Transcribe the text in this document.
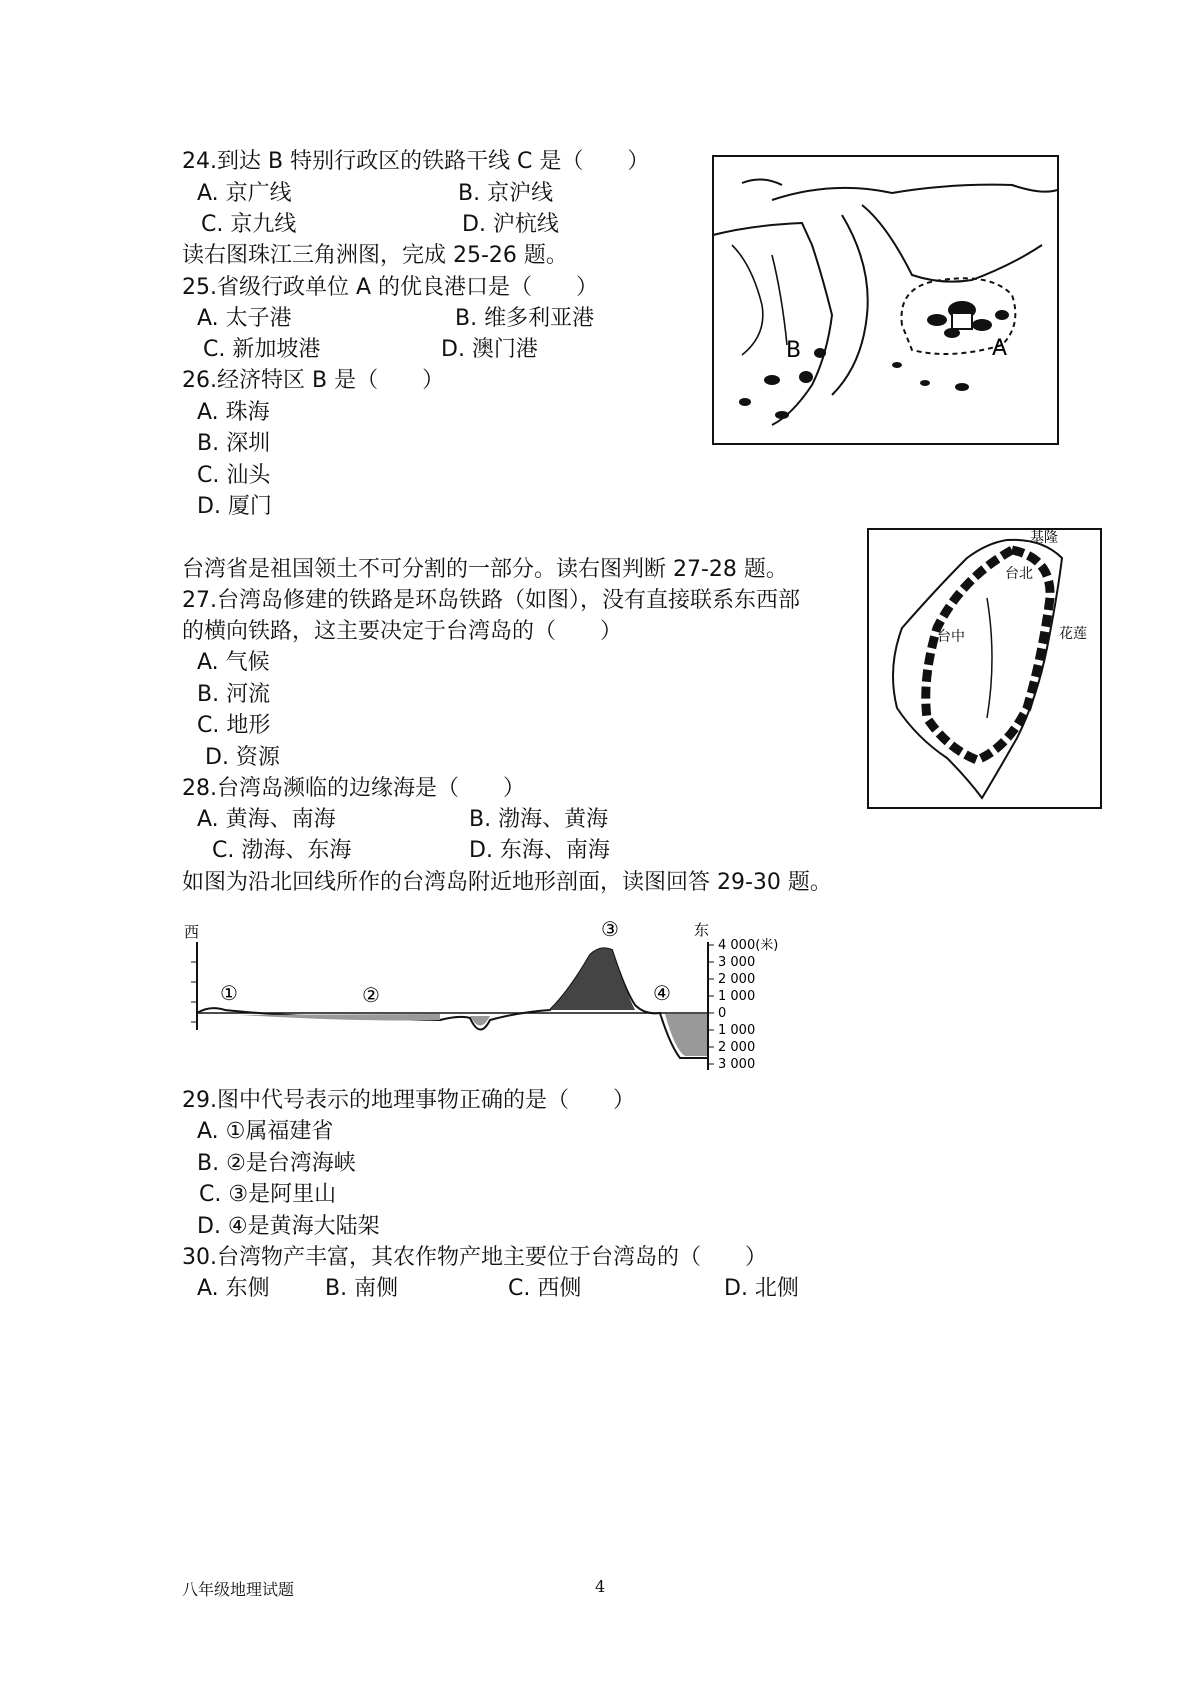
24.到达 B 特别行政区的铁路干线 C 是（　　）
A. 京广线	B. 京沪线
C. 京九线	D. 沪杭线
读右图珠江三角洲图，完成 25-26 题。
25.省级行政单位 A 的优良港口是（　　）
A. 太子港	B. 维多利亚港
C. 新加坡港	D. 澳门港
26.经济特区 B 是（　　）
A. 珠海
B. 深圳
C. 汕头
D. 厦门
B	A
台湾省是祖国领土不可分割的一部分。读右图判断 27-28 题。
27.台湾岛修建的铁路是环岛铁路（如图），没有直接联系东西部
的横向铁路，这主要决定于台湾岛的（　　）
A. 气候
B. 河流
C. 地形
D. 资源
基隆
台北
台中	花莲
28.台湾岛濒临的边缘海是（　　）
A. 黄海、南海	B. 渤海、黄海
C. 渤海、东海	D. 东海、南海
如图为沿北回线所作的台湾岛附近地形剖面，读图回答 29-30 题。
4 000(米)
3 000
2 000
1 000
0
1 000
2 000
3 000
西	东
①	②
③
④
29.图中代号表示的地理事物正确的是（　　）
A. ①属福建省
B. ②是台湾海峡
C. ③是阿里山
D. ④是黄海大陆架
30.台湾物产丰富，其农作物产地主要位于台湾岛的（　　）
A. 东侧	B. 南侧	C. 西侧	D. 北侧
八年级地理试题	4
